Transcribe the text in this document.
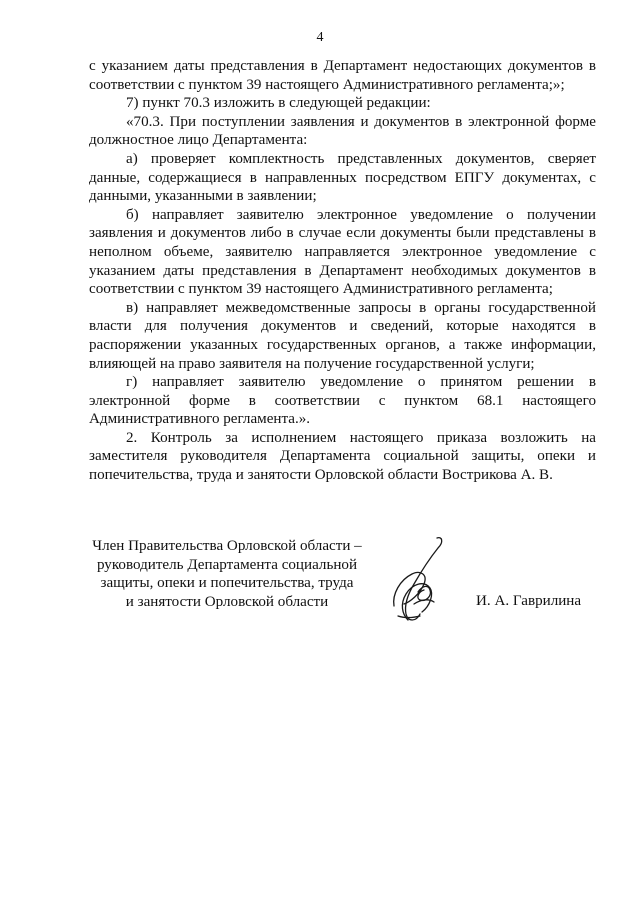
4

с указанием даты представления в Департамент недостающих документов в соответствии с пунктом 39 настоящего Административного регламента;»;

7) пункт 70.3 изложить в следующей редакции:

«70.3. При поступлении заявления и документов в электронной форме должностное лицо Департамента:

а) проверяет комплектность представленных документов, сверяет данные, содержащиеся в направленных посредством ЕПГУ документах, с данными, указанными в заявлении;

б) направляет заявителю электронное уведомление о получении заявления и документов либо в случае если документы были представлены в неполном объеме, заявителю направляется электронное уведомление с указанием даты представления в Департамент необходимых документов в соответствии с пунктом 39 настоящего Административного регламента;

в) направляет межведомственные запросы в органы государственной власти для получения документов и сведений, которые находятся в распоряжении указанных государственных органов, а также информации, влияющей на право заявителя на получение государственной услуги;

г) направляет заявителю уведомление о принятом решении в электронной форме в соответствии с пунктом 68.1 настоящего Административного регламента.».

2. Контроль за исполнением настоящего приказа возложить на заместителя руководителя Департамента социальной защиты, опеки и попечительства, труда и занятости Орловской области Вострикова А. В.

Член Правительства Орловской области –
руководитель Департамента социальной
защиты, опеки и попечительства, труда
и занятости Орловской области	И. А. Гаврилина
